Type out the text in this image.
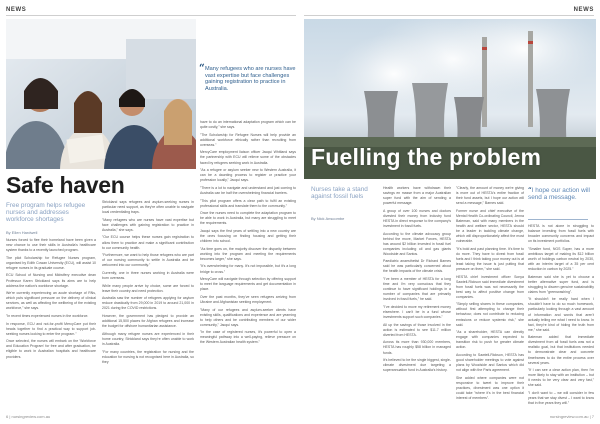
NEWS
“ Many refugees who are nurses have vast expertise but face challenges gaining registration to practice in Australia.

have to do an international adaptation program which can be quite costly," she says.

"The Scholarship for Refugee Nurses will help provide an additional workforce ethically rather than recruiting from overseas."

MercyCare employment liaison officer Jacqui Whitland says the partnership with ECU will relieve some of the obstacles faced by refugees seeking work in Australia.

"As a refugee or asylum seeker new to Western Australia, it can be a daunting process to register or practice your profession locally," Jacqui says.

"There is a lot to navigate and understand and just coming to Australia can be half the overwhelming financial barriers.

"This pilot program offers a clear path to fulfil an existing professional skills and translate them to the community."

Once the nurses need to complete the adaptation program to be able to work in Australia, but many are struggling to meet the requirements.

Jacqui says the first years of settling into a new country are the ones focusing on finding housing and getting their children into school.

"As time goes on, the majority discover the disparity between working into the program and meeting the requirements becomes larger," she says.

"It's overwhelming for many. It's not impossible, but it's a long bridge to cross."

MercyCare will navigate through selection by offering support to meet the language requirements and get documentation in place.

Over the past months, they've seen refugees arriving from Ukraine and Afghanistan seeking employment.

"Many of our refugees and asylum-seeker clients have existing skills, qualifications and experience and are yearning to help others and be contributing members of our wider community," Jacqui says.

"In the case of registered nurses, it's powerful to open a meaningful pathway into a well-paying, relieve pressure on the Western Australian health system."

Safe haven
Free program helps refugee nurses and addresses workforce shortages
By Ellen Hardwell

Nurses forced to flee their homeland have been given a new chance to use their skills in Australia's healthcare system thanks to a recently launched program.

The pilot Scholarship for Refugee Nurses program, organised by Edith Cowan University (ECU), will assist 10 refugee nurses in its graduate course.

ECU School of Nursing and Midwifery executive dean Professor Karen Strickland says its aims are to help address the nation's workforce shortage.

We're currently experiencing an acute shortage of RNs, which puts significant pressure on the delivery of clinical services, as well as affecting the wellbeing of the existing workforce," she says.

"In recent times experienced nurses in the workforce.

In response, ECU and not-for-profit MercyCare put their heads together to find a practical way to support job-seeking nurses looking to enter the program."

Once selected, the nurses will embark on the 'Workforce and Education Program' for free and after graduation, be eligible to work in Australian hospitals and healthcare providers.

Strickland says refugees and asylum-seeking nurses in particular need support, as they're often unable to navigate local credentialing traps.

"Many refugees who are nurses have vast expertise but face challenges with gaining registration to practice in Australia," she says.

"Our ECU course helps these nurses gain registration to allow them to practice and make a significant contribution to our community health.

"Furthermore, we want to help those refugees who are part of our nursing community to settle in Australia and be welcomed into our community."

Currently, one in three nurses working in Australia were born overseas.

While many people arrive by choice, some are forced to leave their country and need protection.

Australia saw the number of refugees applying for asylum reduce drastically from 29,000 in 2019 to around 21,000 in 2021 during the COVID restrictions.

However, the government has pledged to provide an additional 15,500 places for Afghan refugees and increase the budget for offshore humanitarian assistance.

Although many refugee nurses are experienced in their home country, Strickland says they're often unable to work in Australia.

"For many countries, the registration for nursing and the education for nursing is not recognised here in Australia, so they

6 | nursingreview.com.au
NEWS
Fuelling the problem
Nurses take a stand against fossil fuels
By Nick Anscombe

Health workers have withdrawn their savings en masse from a major Australian super fund with the aim of sending a powerful message.

A group of over 100 nurses and doctors divested their money from industry fund HESTA in direct response to the company's investment in fossil fuels.

According to the climate advocacy group behind the move, Market Forces, HESTA has around $2 billion invested in fossil fuel companies including oil and gas giants Woodside and Santos.

Paediatric anaesthetist Dr Richard Barnes said he was particularly concerned about the health impacts of the climate crisis.

"I've been a member of HESTA for a long time and I'm very conscious that they continue to have significant holdings in a number of companies that are primarily involved in fossil fuels," he said.

"I've decided to move my retirement money elsewhere. I can't be in a fund whose investments support such companies."

All up the savings of those involved in the action is estimated to see $11.7 million diverted from HESTA.

Across its more than 930,000 members, HESTA has roughly $58 billion in managed funds.

It's believed to be the single biggest, single-climate divestment due targeting a superannuation fund in Australia's history.

"Clearly, the amount of money we're giving is more out of HESTA's entire fraction of their fund assets, but I hope our action will send a message," Barnes said.

Former nurse and chief executive of the Mental Health Co-ordinating Council, Jenna Bateman, said with many members in the health and welfare sector, HESTA should be a leader in tackling climate change, which will disproportionately affect the most vulnerable.

"It's bold and past planning time. It's time to do more. They have to divest from fossil fuels and I think taking your money out is at least taking the issue is just putting that pressure on them," she said.

HESTA chief investment officer Sonya Sawtell-Rickson said immediate divestment from fossil fuels was not necessarily the best way to affect positive change from companies.

"Simply selling shares in these companies, without first attempting to change their behaviour, does not contribute to reducing emissions or reduce systemic risk," she said.

"As a shareholder, HESTA can directly engage with companies expected to transition risk to push for greater climate action.

According to Sawtell-Rickson, HESTA has good shareholder meetings to vote against plans by Woodside and Santos which did not align with the Paris agreement.

She added where companies were not responsive to tweet to improve their practices, divestment was one option it could take "where it's in the best financial interest of members".

“I hope our action will send a message.

HESTA is not alone in struggling to balance investing from fossil fuels with broader community concerns and impact on its investment portfolios.

"Smaller fund, NGS Super, has a more ambitious target of making its $12 billion worth of holdings carbon neutral by 2030, with an interim target of a 35 per cent reduction in carbon by 2025."

Bateman said she is yet to choose a better alternative super fund, and is struggling to discern genuine sustainability claims from "greenwashing".

"It shouldn't be really hard when I shouldn't have to do so much homework, particularly looking through a vast amount of information and words that aren't actually telling me what I need to know. In fact, they're kind of hiding the truth from me," she said.

Bateman added that immediate divestment from all fossil fuels was not a realistic goal, but that institutions needed to demonstrate clear and concrete timeframes to do the entire process over several years.

"If I can see a clear action plan, then I'm more likely to stay with an institution – but it needs to be very clear and very fast," she said.

"I don't want to – we will consider in few years that we stay divest – I want to know that in five years they will."

nursingreview.com.au | 7
